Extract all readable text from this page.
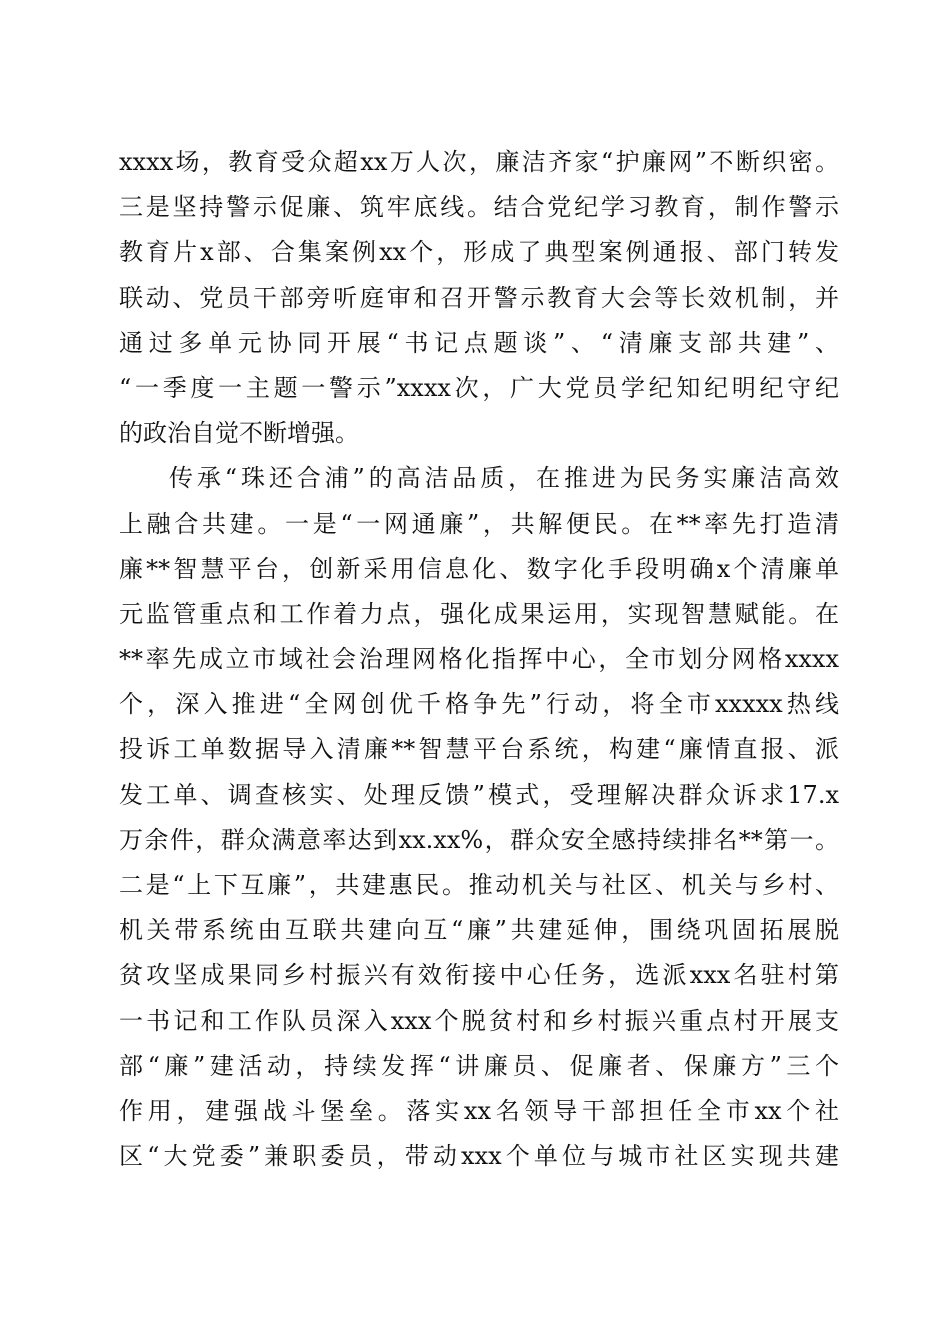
xxxx场，教育受众超xx万人次，廉洁齐家“护廉网”不断织密。
三是坚持警示促廉、筑牢底线。结合党纪学习教育，制作警示
教育片x部、合集案例xx个，形成了典型案例通报、部门转发
联动、党员干部旁听庭审和召开警示教育大会等长效机制，并
通过多单元协同开展“书记点题谈”、“清廉支部共建”、
“一季度一主题一警示”xxxx次，广大党员学纪知纪明纪守纪
的政治自觉不断增强。
传承“珠还合浦”的高洁品质，在推进为民务实廉洁高效
上融合共建。一是“一网通廉”，共解便民。在**率先打造清
廉**智慧平台，创新采用信息化、数字化手段明确x个清廉单
元监管重点和工作着力点，强化成果运用，实现智慧赋能。在
**率先成立市域社会治理网格化指挥中心，全市划分网格xxxx
个，深入推进“全网创优千格争先”行动，将全市xxxxx热线
投诉工单数据导入清廉**智慧平台系统，构建“廉情直报、派
发工单、调查核实、处理反馈”模式，受理解决群众诉求17.x
万余件，群众满意率达到xx.xx%，群众安全感持续排名**第一。
二是“上下互廉”，共建惠民。推动机关与社区、机关与乡村、
机关带系统由互联共建向互“廉”共建延伸，围绕巩固拓展脱
贫攻坚成果同乡村振兴有效衔接中心任务，选派xxx名驻村第
一书记和工作队员深入xxx个脱贫村和乡村振兴重点村开展支
部“廉”建活动，持续发挥“讲廉员、促廉者、保廉方”三个
作用，建强战斗堡垒。落实xx名领导干部担任全市xx个社
区“大党委”兼职委员，带动xxx个单位与城市社区实现共建
